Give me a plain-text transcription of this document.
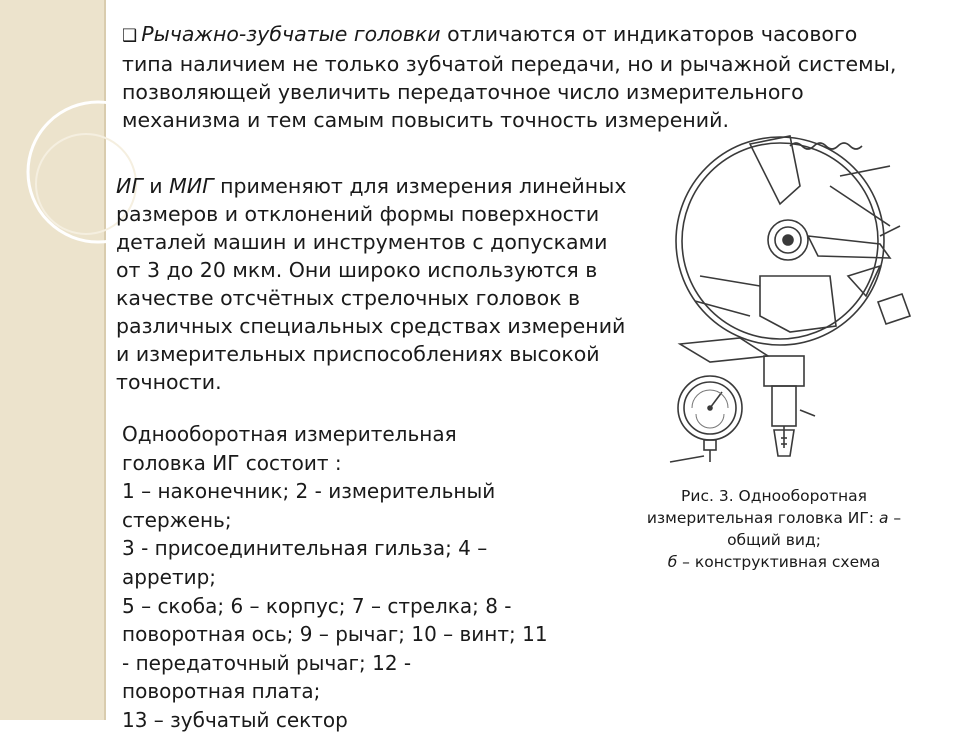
❑ Рычажно-зубчатые головки отличаются от индикаторов часового типа наличием не только зубчатой передачи, но и рычажной системы, позволяющей увеличить передаточное число измерительного механизма и тем самым повысить точность измерений.

ИГ и МИГ применяют для измерения линейных размеров и отклонений формы поверхности деталей машин и инструментов с допусками от 3 до 20 мкм. Они широко используются в качестве отсчётных стрелочных головок в различных специальных средствах измерений и измерительных приспособлениях высокой точности.

Однооборотная измерительная
головка ИГ состоит :
1 – наконечник; 2 - измерительный
стержень;
3 - присоединительная гильза; 4 –
арретир;
5 – скоба; 6 – корпус; 7 – стрелка; 8 -
поворотная ось; 9 – рычаг; 10 – винт; 11
- передаточный рычаг; 12 -
поворотная плата;
13 – зубчатый сектор
Рис. 3. Однооборотная
измерительная головка ИГ: а –
общий вид;
б – конструктивная схема
